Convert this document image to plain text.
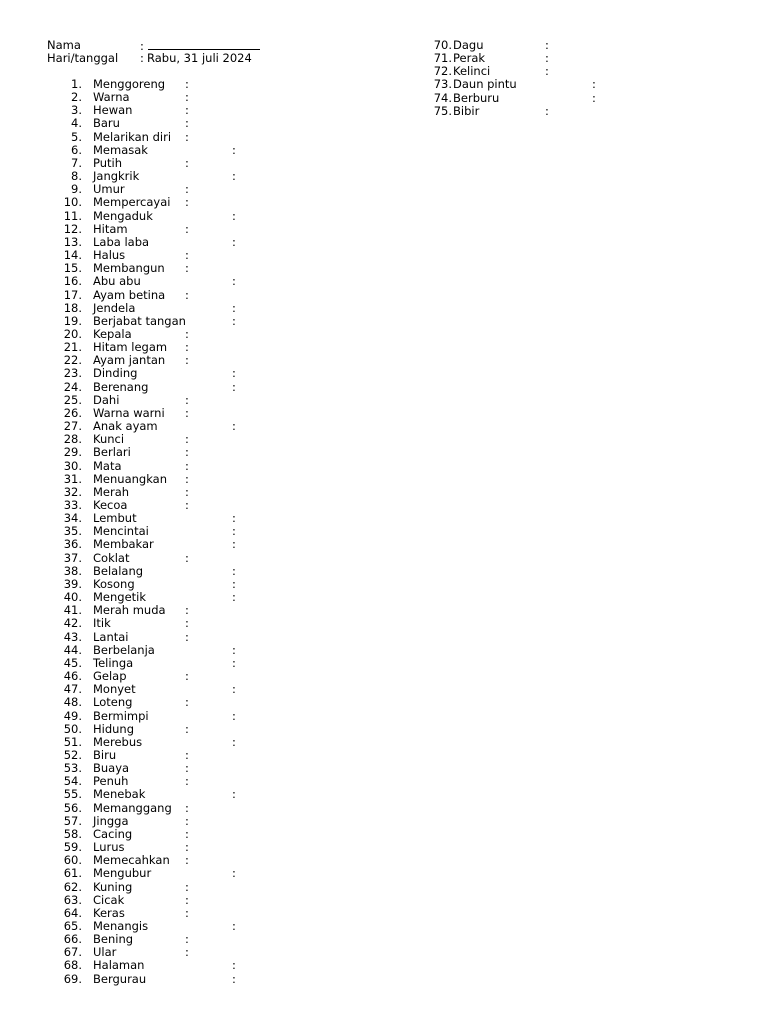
Nama	:
Hari/tanggal : Rabu, 31 juli 2024
1. Menggoreng :
2. Warna	:
3. Hewan	:
4. Baru	:
5. Melarikan diri :
6. Memasak	:
7. Putih	:
8. Jangkrik	:
9. Umur	:
10. Mempercayai :
11. Mengaduk	:
12. Hitam	:
13. Laba laba	:
14. Halus	:
15. Membangun :
16. Abu abu	:
17. Ayam betina :
18. Jendela	:
19. Berjabat tangan	:
20. Kepala	:
21. Hitam legam :
22. Ayam jantan :
23. Dinding	:
24. Berenang	:
25. Dahi	:
26. Warna warni :
27. Anak ayam	:
28. Kunci	:
29. Berlari	:
30. Mata	:
31. Menuangkan :
32. Merah	:
33. Kecoa	:
34. Lembut	:
35. Mencintai	:
36. Membakar	:
37. Coklat	:
38. Belalang	:
39. Kosong	:
40. Mengetik	:
41. Merah muda :
42. Itik	:
43. Lantai	:
44. Berbelanja	:
45. Telinga	:
46. Gelap	:
47. Monyet	:
48. Loteng	:
49. Bermimpi	:
50. Hidung	:
51. Merebus	:
52. Biru	:
53. Buaya	:
54. Penuh	:
55. Menebak	:
56. Memanggang :
57. Jingga	:
58. Cacing	:
59. Lurus	:
60. Memecahkan :
61. Mengubur	:
62. Kuning	:
63. Cicak	:
64. Keras	:
65. Menangis	:
66. Bening	:
67. Ular	:
68. Halaman	:
69. Bergurau	:
70. Dagu	:
71. Perak	:
72. Kelinci	:
73. Daun pintu	:
74. Berburu	:
75. Bibir	:
